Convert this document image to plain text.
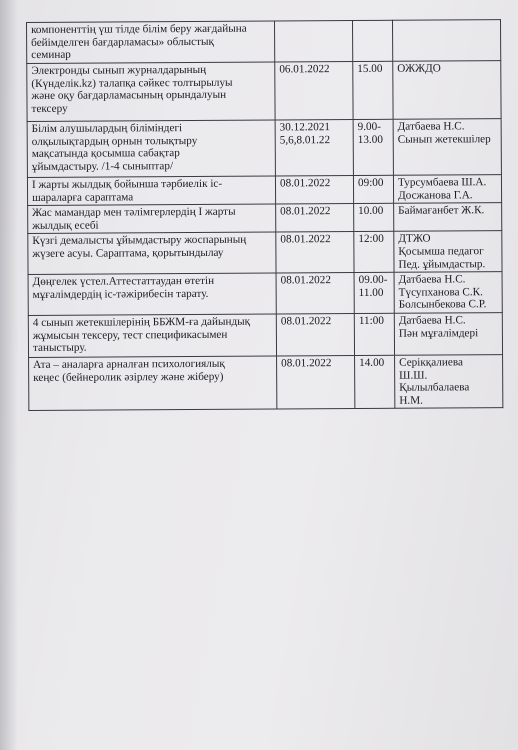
компоненттің үш тілде білім беру жағдайына
бейімделген бағдарламасы» облыстық
семинар			
Электронды сынып журналдарының
(Күнделік.kz) талапқа сәйкес толтырылуы
және оқу бағдарламасының орындалуын
тексеру	06.01.2022	15.00	ОЖЖДО
Білім алушылардың біліміндегі
олқылықтардың орнын толықтыру
мақсатында қосымша сабақтар
ұйымдастыру. /1-4 сыныптар/	30.12.2021
5,6,8.01.22	9.00-
13.00	Датбаева Н.С.
Сынып жетекшілер
І жарты жылдық бойынша тәрбиелік іс-
шараларға сараптама	08.01.2022	09:00	Турсумбаева Ш.А.
Досжанова Г.А.
Жас мамандар мен тәлімгерлердің І жарты
жылдық есебі	08.01.2022	10.00	Баймағанбет Ж.К.
Күзгі демалысты ұйымдастыру жоспарының
жүзеге асуы. Сараптама, қорытындылау	08.01.2022	12:00	ДТЖО
Қосымша педагог
Пед. ұйымдастыр.
Дөңгелек үстел.Аттестаттаудан өтетін
мұғалімдердің іс-тәжірибесін тарату.	08.01.2022	09.00-
11.00	Датбаева Н.С.
Түсупханова С.К.
Болсынбекова С.Р.
4 сынып жетекшілерінің ББЖМ-ға дайындық
жұмысын тексеру, тест спецификасымен
таныстыру.	08.01.2022	11:00	Датбаева Н.С.
Пән мұғалімдері
Ата – аналарға арналған психологиялық
кеңес (бейнеролик әзірлеу және жіберу)	08.01.2022	14.00	Серікқалиева
Ш.Ш.
Қылылбалаева
Н.М.
